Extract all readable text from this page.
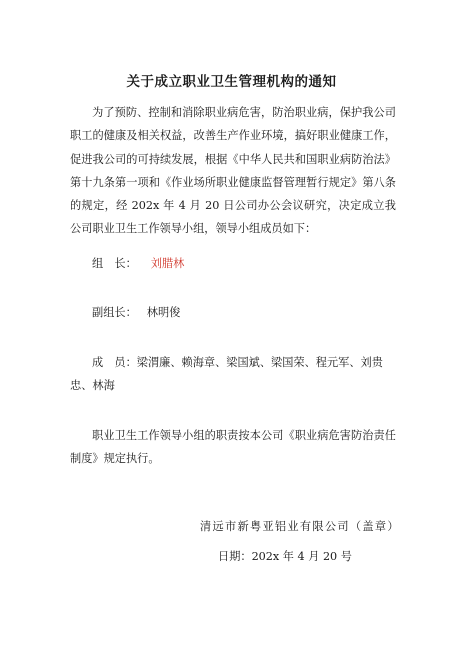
关于成立职业卫生管理机构的通知

为了预防、控制和消除职业病危害，防治职业病，保护我公司职工的健康及相关权益，改善生产作业环境，搞好职业健康工作，促进我公司的可持续发展，根据《中华人民共和国职业病防治法》第十九条第一项和《作业场所职业健康监督管理暂行规定》第八条的规定，经 202x 年 4 月 20 日公司办公会议研究，决定成立我公司职业卫生工作领导小组，领导小组成员如下：

组　长： 刘腊林
副组长： 林明俊

成　员：梁渭廉、赖海章、梁国斌、梁国荣、程元军、刘贵忠、林海

职业卫生工作领导小组的职责按本公司《职业病危害防治责任制度》规定执行。

清远市新粤亚铝业有限公司（盖章）
日期：202x 年 4 月 20 号
